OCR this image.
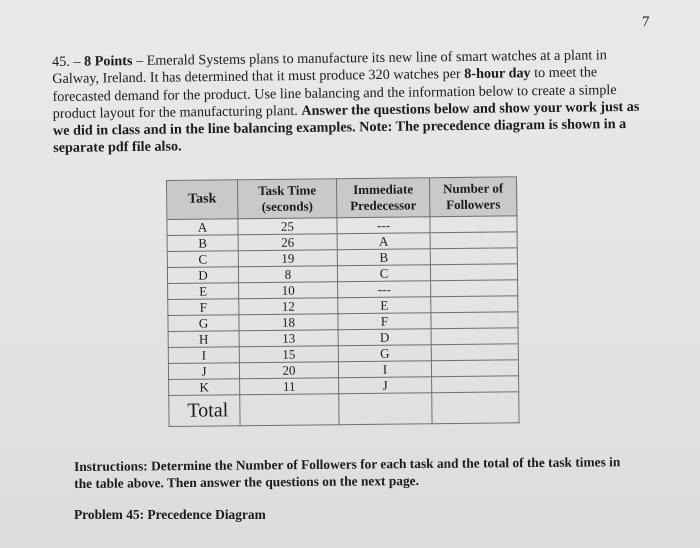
7
45. – 8 Points – Emerald Systems plans to manufacture its new line of smart watches at a plant in Galway, Ireland. It has determined that it must produce 320 watches per 8-hour day to meet the forecasted demand for the product. Use line balancing and the information below to create a simple product layout for the manufacturing plant. Answer the questions below and show your work just as we did in class and in the line balancing examples. Note: The precedence diagram is shown in a separate pdf file also.
Task	Task Time (seconds)	Immediate Predecessor	Number of Followers
A	25	---	
B	26	A	
C	19	B	
D	8	C	
E	10	---	
F	12	E	
G	18	F	
H	13	D	
I	15	G	
J	20	I	
K	11	J	
Total			
Instructions: Determine the Number of Followers for each task and the total of the task times in the table above. Then answer the questions on the next page.
Problem 45: Precedence Diagram
